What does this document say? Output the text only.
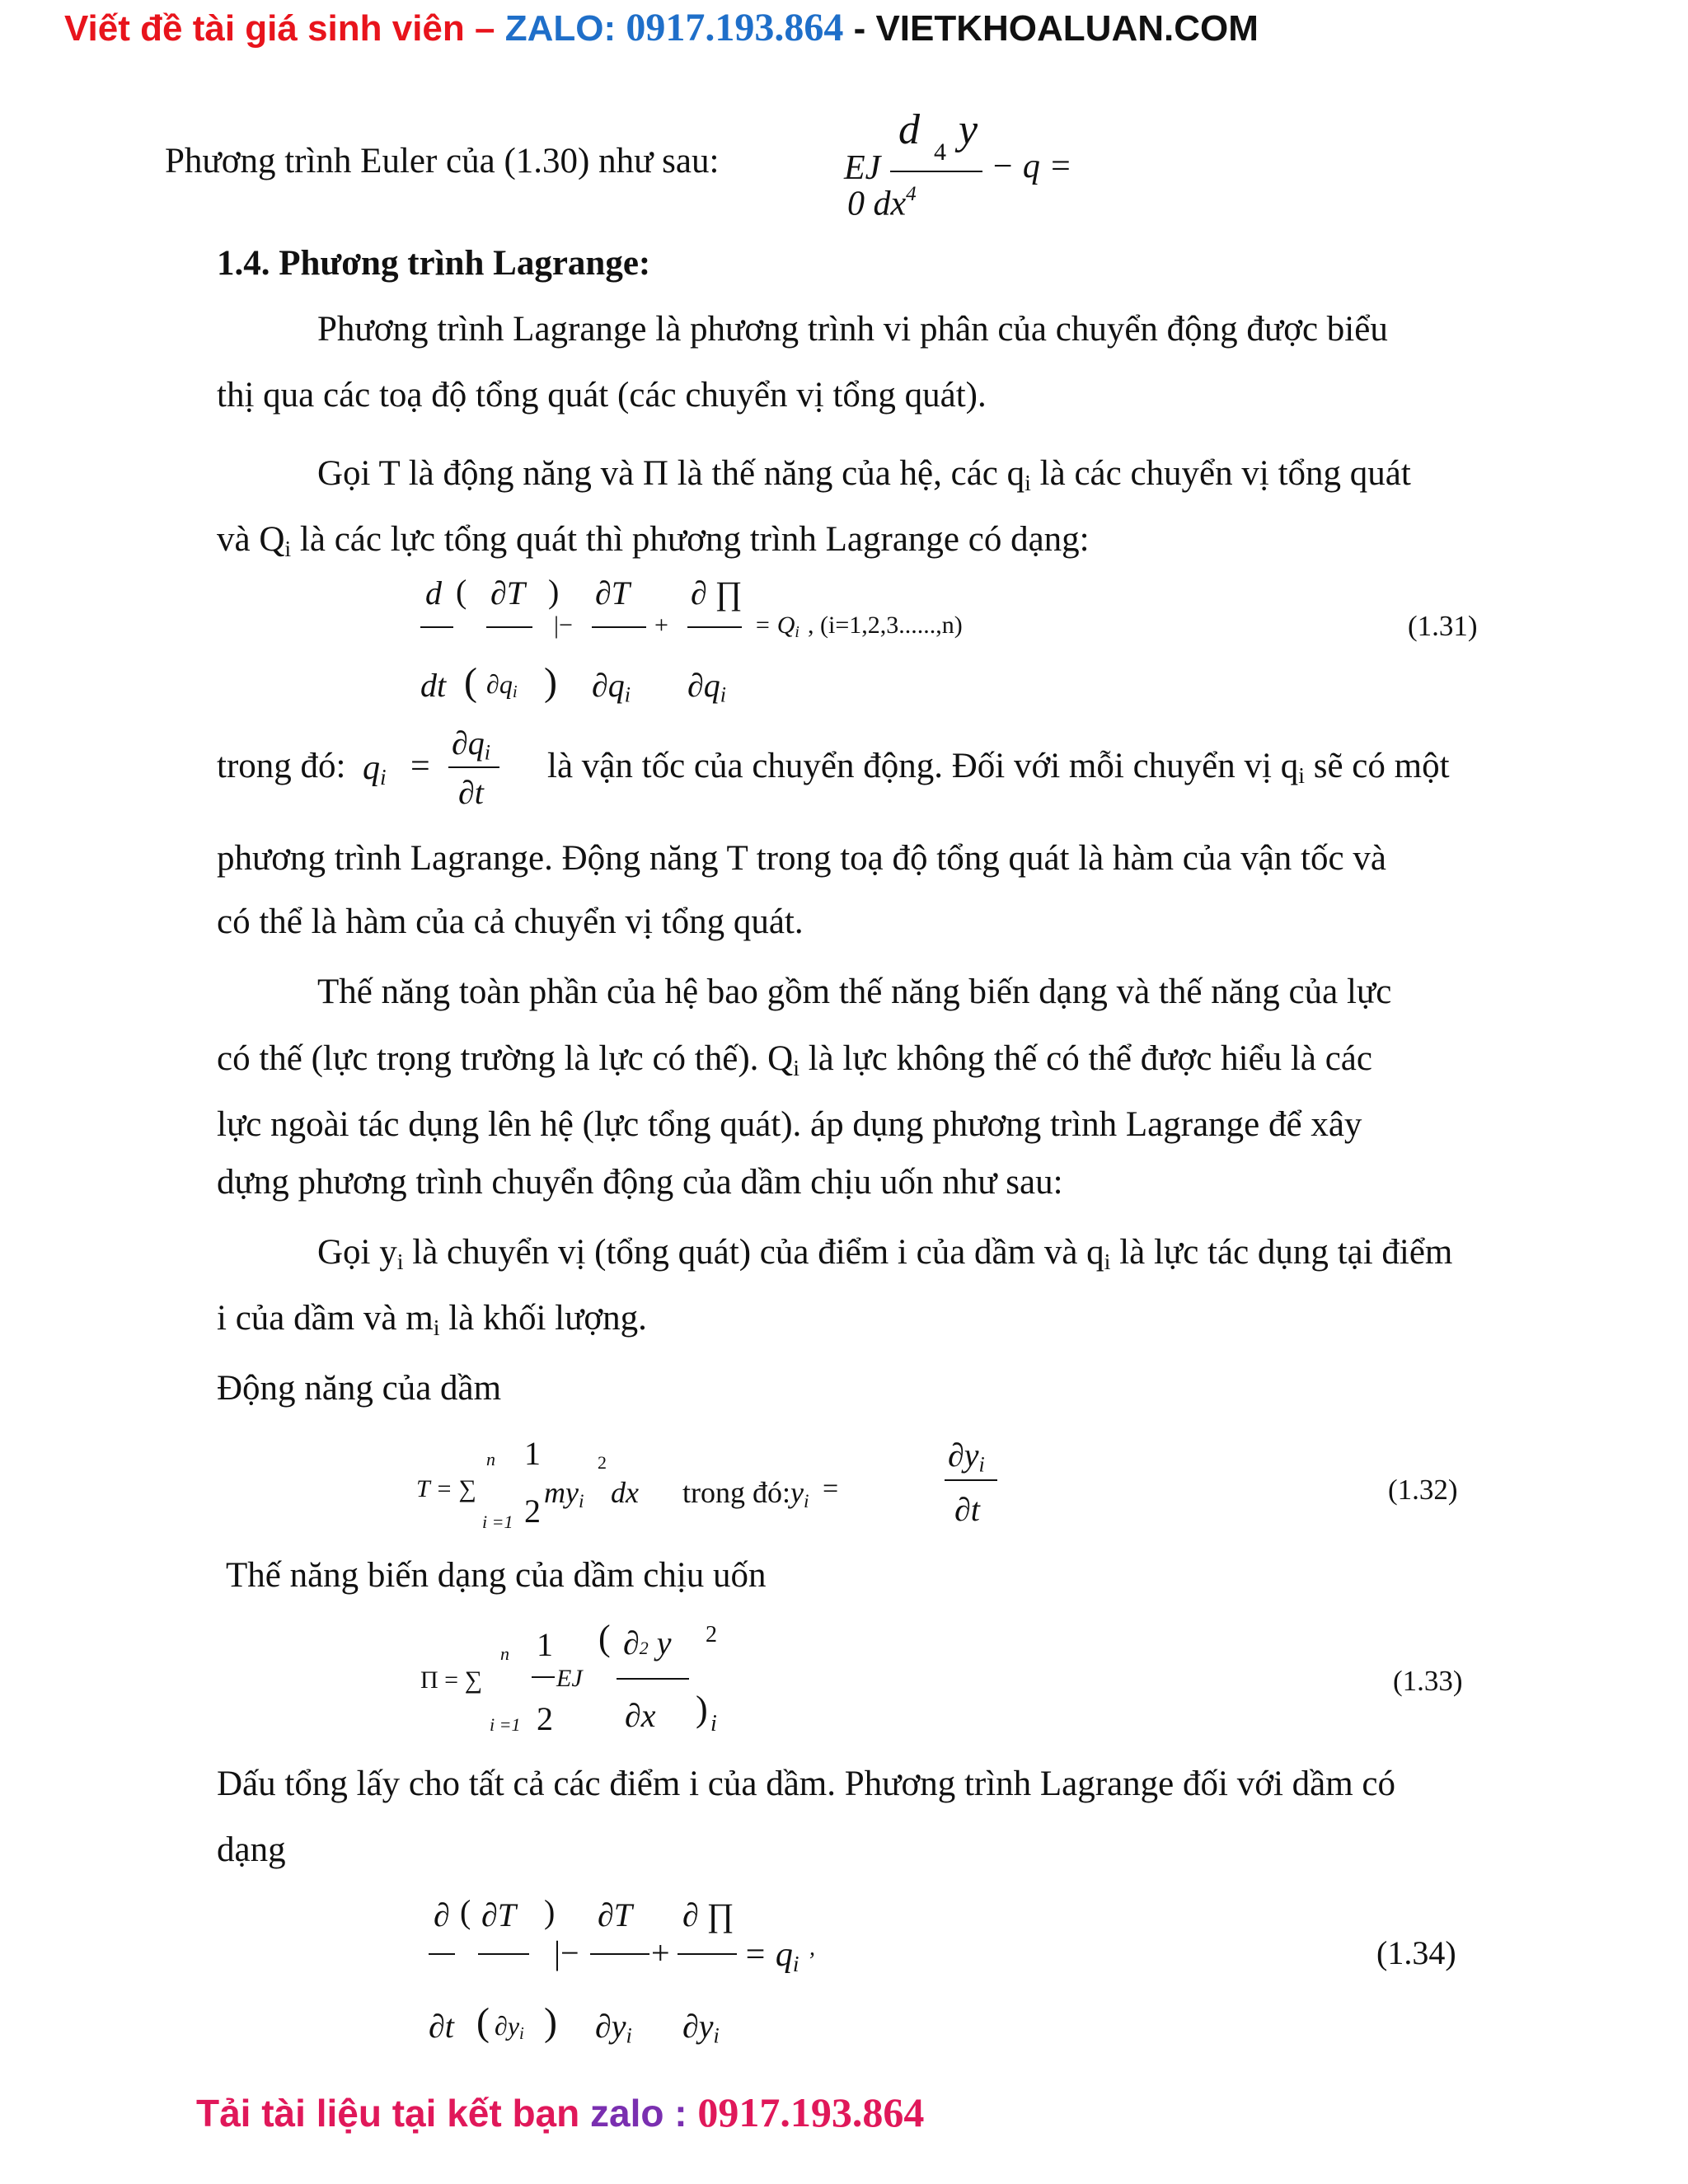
Viết đề tài giá sinh viên – ZALO: 0917.193.864 - VIETKHOALUAN.COM
Phương trình Euler của (1.30) như sau:
d 4 y
EJ	− q =
0 $dx^4$
1.4. Phương trình Lagrange:
Phương trình Lagrange là phương trình vi phân của chuyển động được biểu
thị qua các toạ độ tổng quát (các chuyển vị tổng quát).
Gọi T là động năng và Π là thế năng của hệ, các $q_i$ là các chuyển vị tổng quát
và $Q_i$ là các lực tổng quát thì phương trình Lagrange có dạng:
d ( ∂T ) ∂T ∂ ∏
|−	+	= $Q_i$ , (i=1,2,3......,n)	(1.31)
dt ( $\partial q_i$ ) $\partial q_i$ $\partial q_i$
trong đó: $q_i$ =
$\partial q_i$
∂t
là vận tốc của chuyển động. Đối với mỗi chuyển vị $q_i$ sẽ có một
phương trình Lagrange. Động năng T trong toạ độ tổng quát là hàm của vận tốc và
có thể là hàm của cả chuyển vị tổng quát.
Thế năng toàn phần của hệ bao gồm thế năng biến dạng và thế năng của lực
có thế (lực trọng trường là lực có thế). $Q_i$ là lực không thế có thể được hiểu là các
lực ngoài tác dụng lên hệ (lực tổng quát). áp dụng phương trình Lagrange để xây
dựng phương trình chuyển động của dầm chịu uốn như sau:
Gọi $y_i$ là chuyển vị (tổng quát) của điểm i của dầm và $q_i$ là lực tác dụng tại điểm
i của dầm và $m_i$ là khối lượng.
Động năng của dầm
T = ∑
n
i =1
1
2 $my_i$
2
dx trong $đó:y_i$ =
$\partial y_i$
∂t
(1.32)
Thế năng biến dạng của dầm chịu uốn
Π = ∑
n
i =1
1
2
EJ
( ∂2 y
∂x )
2
i
(1.33)
Dấu tổng lấy cho tất cả các điểm i của dầm. Phương trình Lagrange đối với dầm có
dạng
∂ ( ∂T ) ∂T ∂ ∏
|− + = $q_i$
,	(1.34)
∂t ( $\partial y_i$ ) $\partial y_i$ $\partial y_i$
Tải tài liệu tại kết bạn zalo : 0917.193.864
